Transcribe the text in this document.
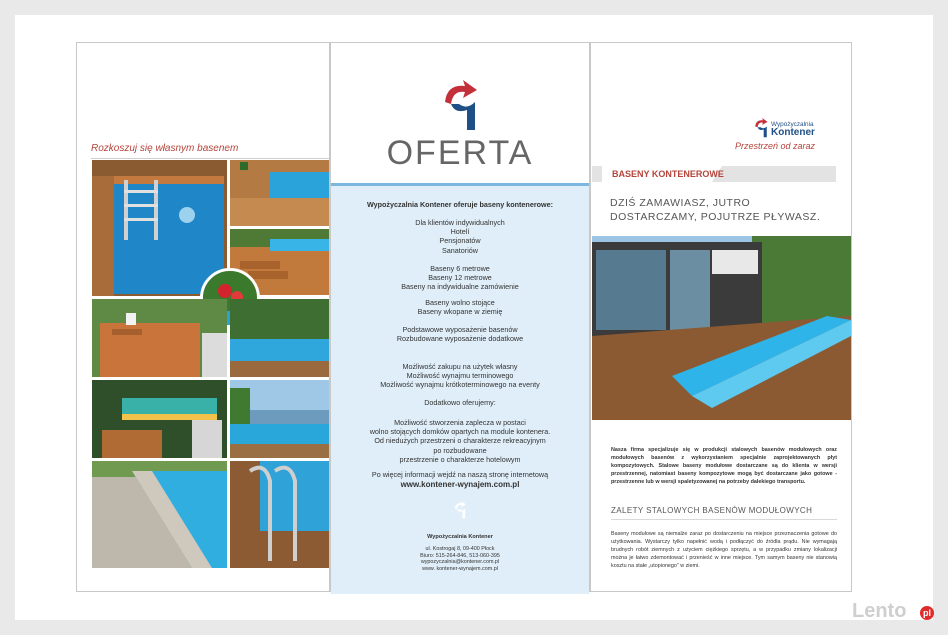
Rozkoszuj się własnym basenem	OFERTA
Wypożyczalnia Kontener oferuje baseny kontenerowe:
Dla klientów indywidualnych
Hotelí
Pensjonatów
Sanatoriów
Baseny 6 metrowe
Baseny 12 metrowe
Baseny na indywidualne zamówienie
Baseny wolno stojące
Baseny wkopane w ziemię
Podstawowe wyposażenie basenów
Rozbudowane wyposażenie dodatkowe
Możliwość zakupu na użytek własny
Możliwość wynajmu terminowego
Możliwość wynajmu krótkoterminowego na eventy
Dodatkowo oferujemy:
Możliwość stworzenia zaplecza w postaci
wolno stojących domków opartych na module kontenera.
Od niedużych przestrzeni o charakterze rekreacyjnym
po rozbudowane
przestrzenie o charakterze hotelowym
Po więcej informacji wejdź na naszą stronę internetową
www.kontener-wynajem.com.pl
Wypożyczalnia Kontener
ul. Kostrogaj 8, 09-400 Płock
Biuro: 515-264-846, 513-060-395
wypozyczalnia@kontener.com.pl
www. kontener-wynajem.com.pl
Wypożyczalnia
Kontener
Przestrzeń od zaraz
BASENY KONTENEROWE
DZIŚ ZAMAWIASZ, JUTRO DOSTARCZAMY, POJUTRZE PŁYWASZ.
Nasza firma specjalizuje się w produkcji stalowych basenów modułowych oraz modułowych basenów z wykorzystaniem specjalnie zaprojektowanych płyt kompozytowych. Stalowe baseny modułowe dostarczane są do klienta w wersji przestrzennej, natomiast baseny kompozytowe mogą być dostarczane jako gotowe - przestrzenne lub w wersji spaletyzowanej na potrzeby dalekiego transportu.
ZALETY STALOWYCH BASENÓW MODUŁOWYCH
Baseny modułowe są niemalże zaraz po dostarczeniu na miejsce przeznaczenia gotowe do użytkowania. Wystarczy tylko napełnić wodą i podłączyć do źródła prądu. Nie wymagają brudnych robót ziemnych z użyciem ciężkiego sprzętu, a w przypadku zmiany lokalizacji można je łatwo zdemontować i przenieść w inne miejsce. Tym samym baseny nie stanowią kosztu na stałe „utopionego” w ziemi.
Lento	pl
